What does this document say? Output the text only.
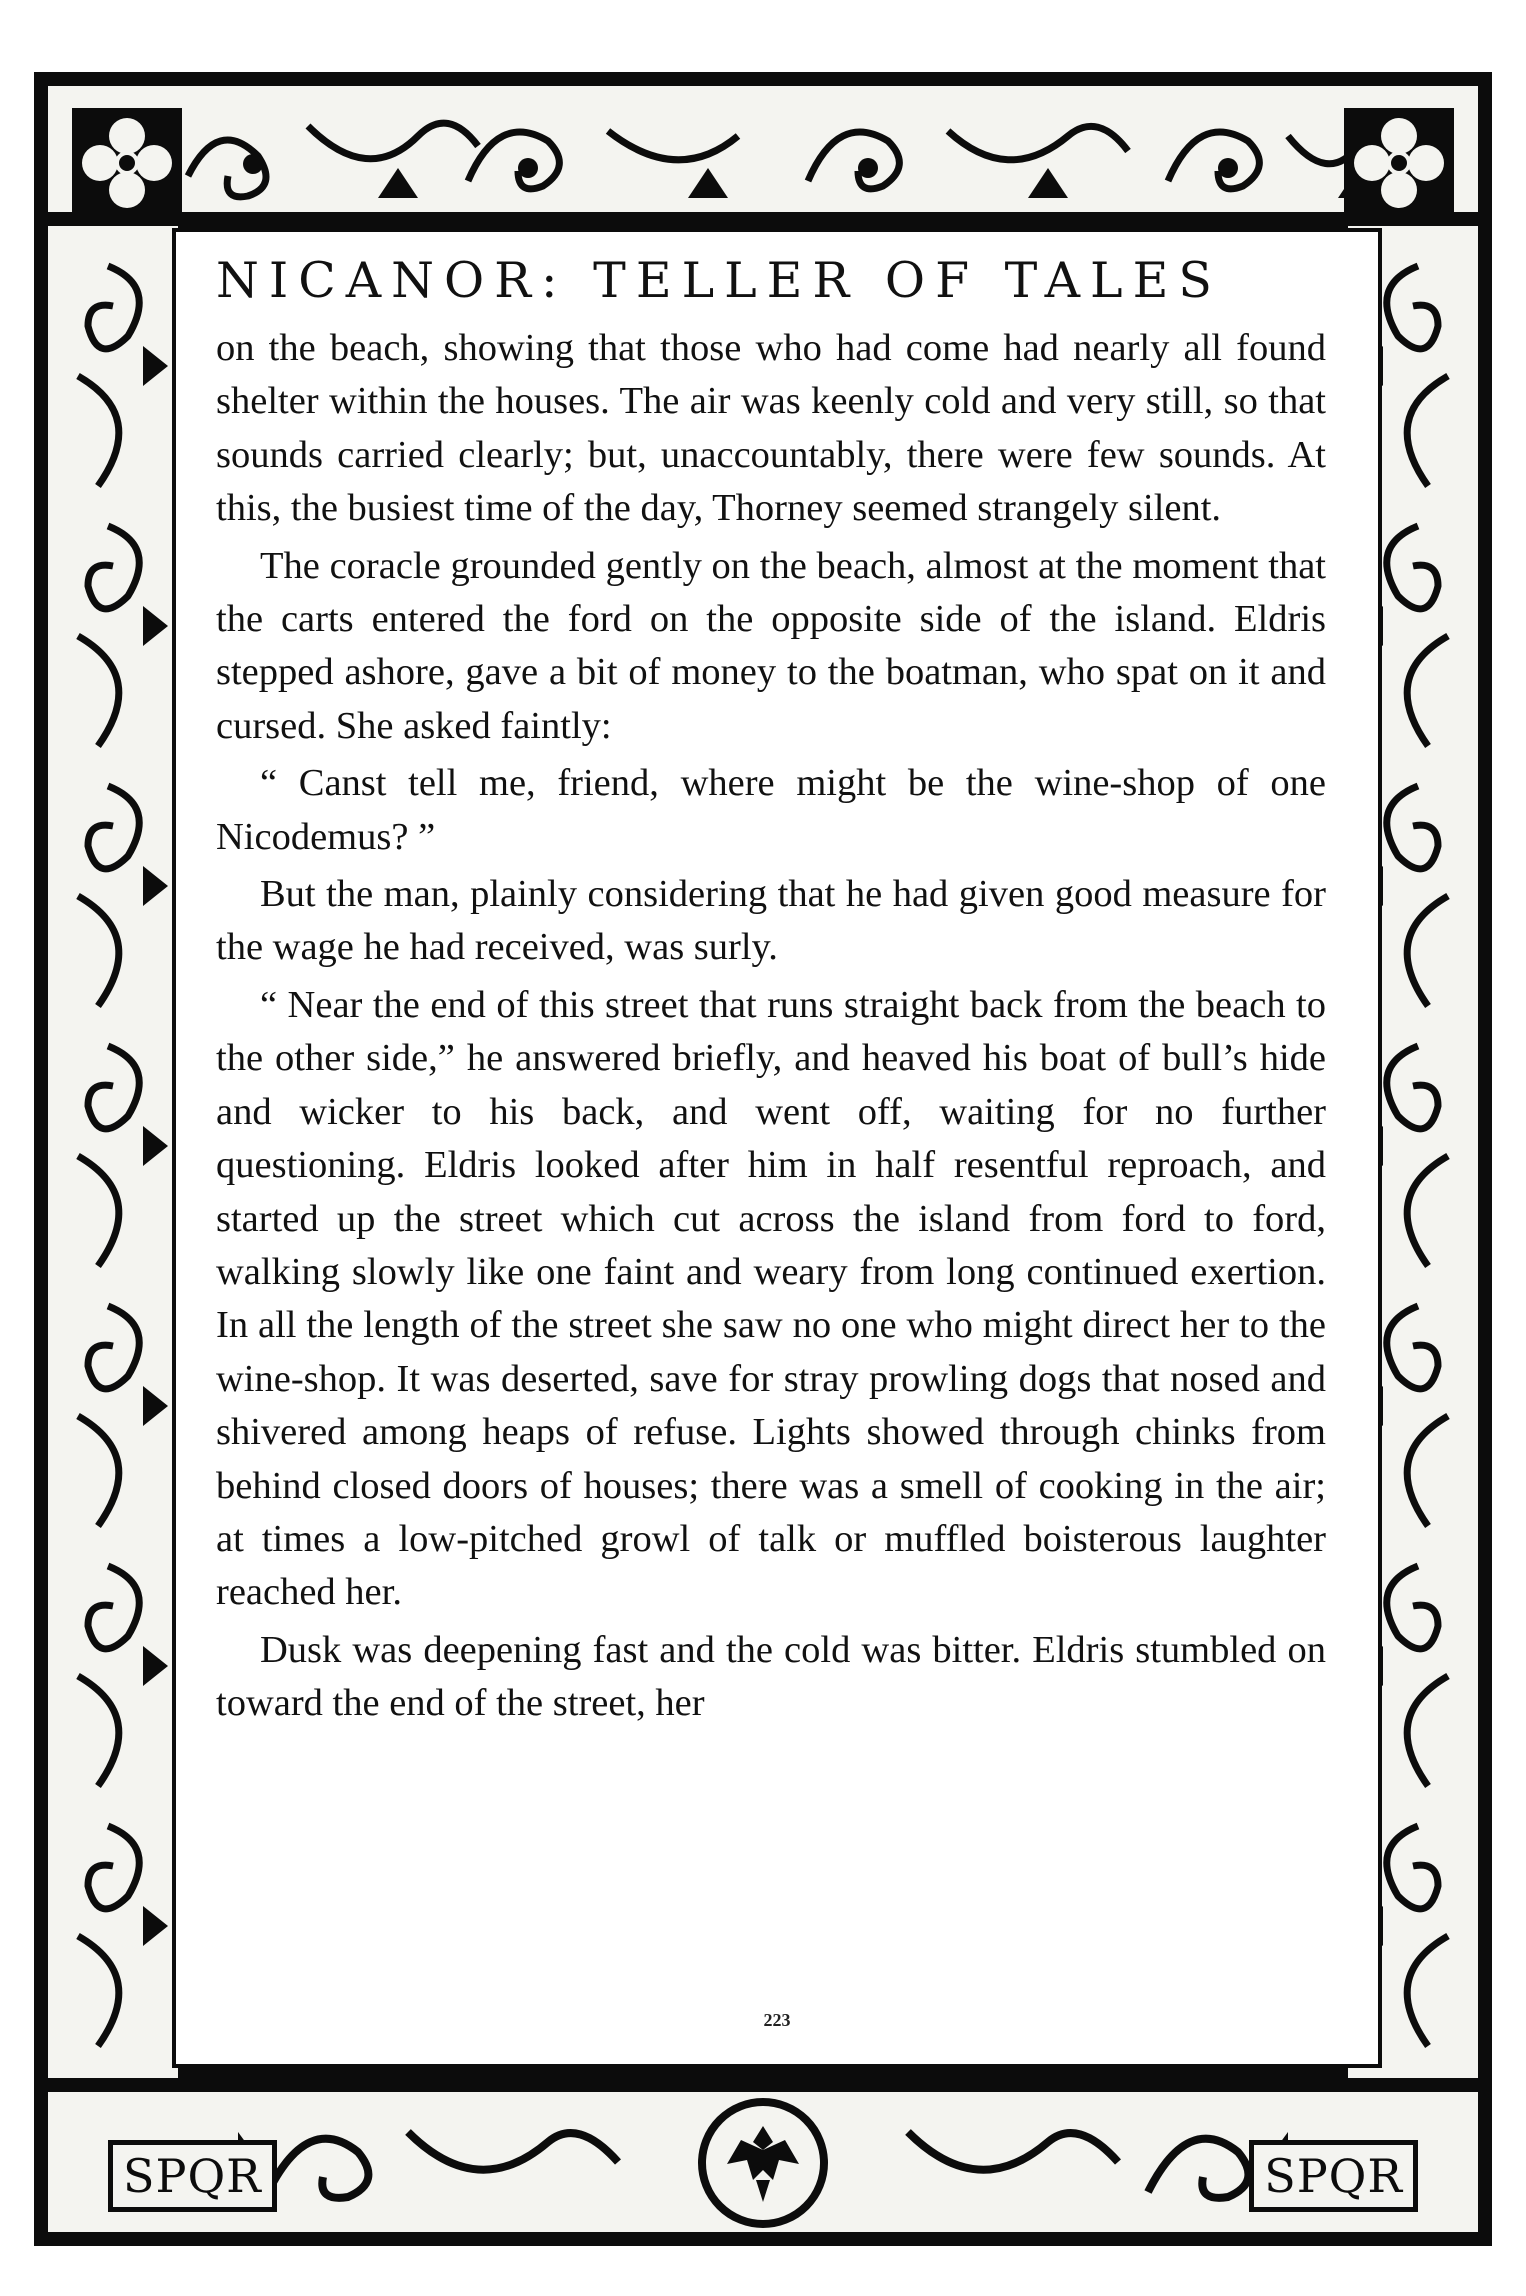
SPQR	SPQR
NICANOR: TELLER OF TALES

on the beach, showing that those who had come had nearly all found shelter within the houses. The air was keenly cold and very still, so that sounds carried clearly; but, unaccountably, there were few sounds. At this, the busiest time of the day, Thorney seemed strangely silent.

The coracle grounded gently on the beach, almost at the moment that the carts entered the ford on the opposite side of the island. Eldris stepped ashore, gave a bit of money to the boatman, who spat on it and cursed. She asked faintly:

“ Canst tell me, friend, where might be the wine-shop of one Nicodemus? ”

But the man, plainly considering that he had given good measure for the wage he had received, was surly.

“ Near the end of this street that runs straight back from the beach to the other side,” he answered briefly, and heaved his boat of bull’s hide and wicker to his back, and went off, waiting for no further questioning. Eldris looked after him in half resentful reproach, and started up the street which cut across the island from ford to ford, walking slowly like one faint and weary from long continued exertion. In all the length of the street she saw no one who might direct her to the wine-shop. It was deserted, save for stray prowling dogs that nosed and shivered among heaps of refuse. Lights showed through chinks from behind closed doors of houses; there was a smell of cooking in the air; at times a low-pitched growl of talk or muffled boisterous laughter reached her.

Dusk was deepening fast and the cold was bitter. Eldris stumbled on toward the end of the street, her

223
